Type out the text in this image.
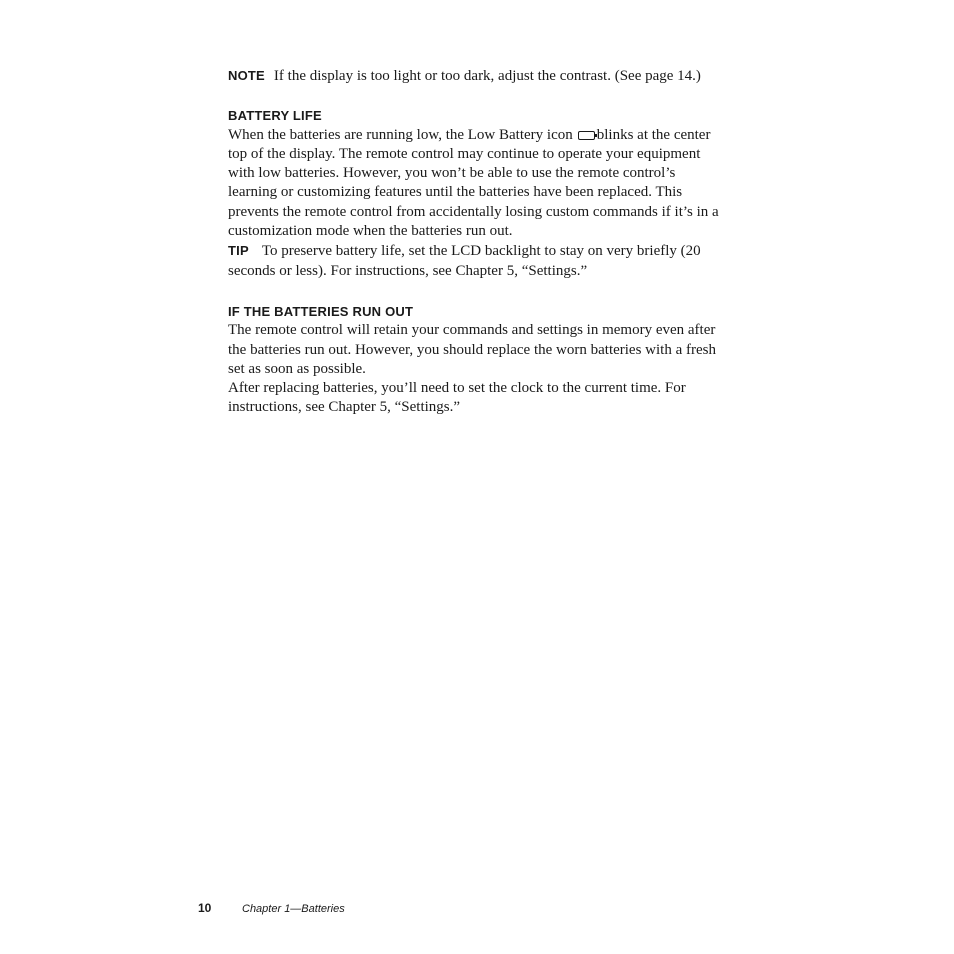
NOTE If the display is too light or too dark, adjust the contrast. (See page 14.)

BATTERY LIFE

When the batteries are running low, the Low Battery icon blinks at the center top of the display. The remote control may continue to operate your equipment with low batteries. However, you won’t be able to use the remote control’s learning or customizing features until the batteries have been replaced. This prevents the remote control from accidentally losing custom commands if it’s in a customization mode when the batteries run out.

TIP To preserve battery life, set the LCD backlight to stay on very briefly (20 seconds or less). For instructions, see Chapter 5, “Settings.”

IF THE BATTERIES RUN OUT

The remote control will retain your commands and settings in memory even after the batteries run out. However, you should replace the worn batteries with a fresh set as soon as possible.

After replacing batteries, you’ll need to set the clock to the current time. For instructions, see Chapter 5, “Settings.”

10	Chapter 1—Batteries
